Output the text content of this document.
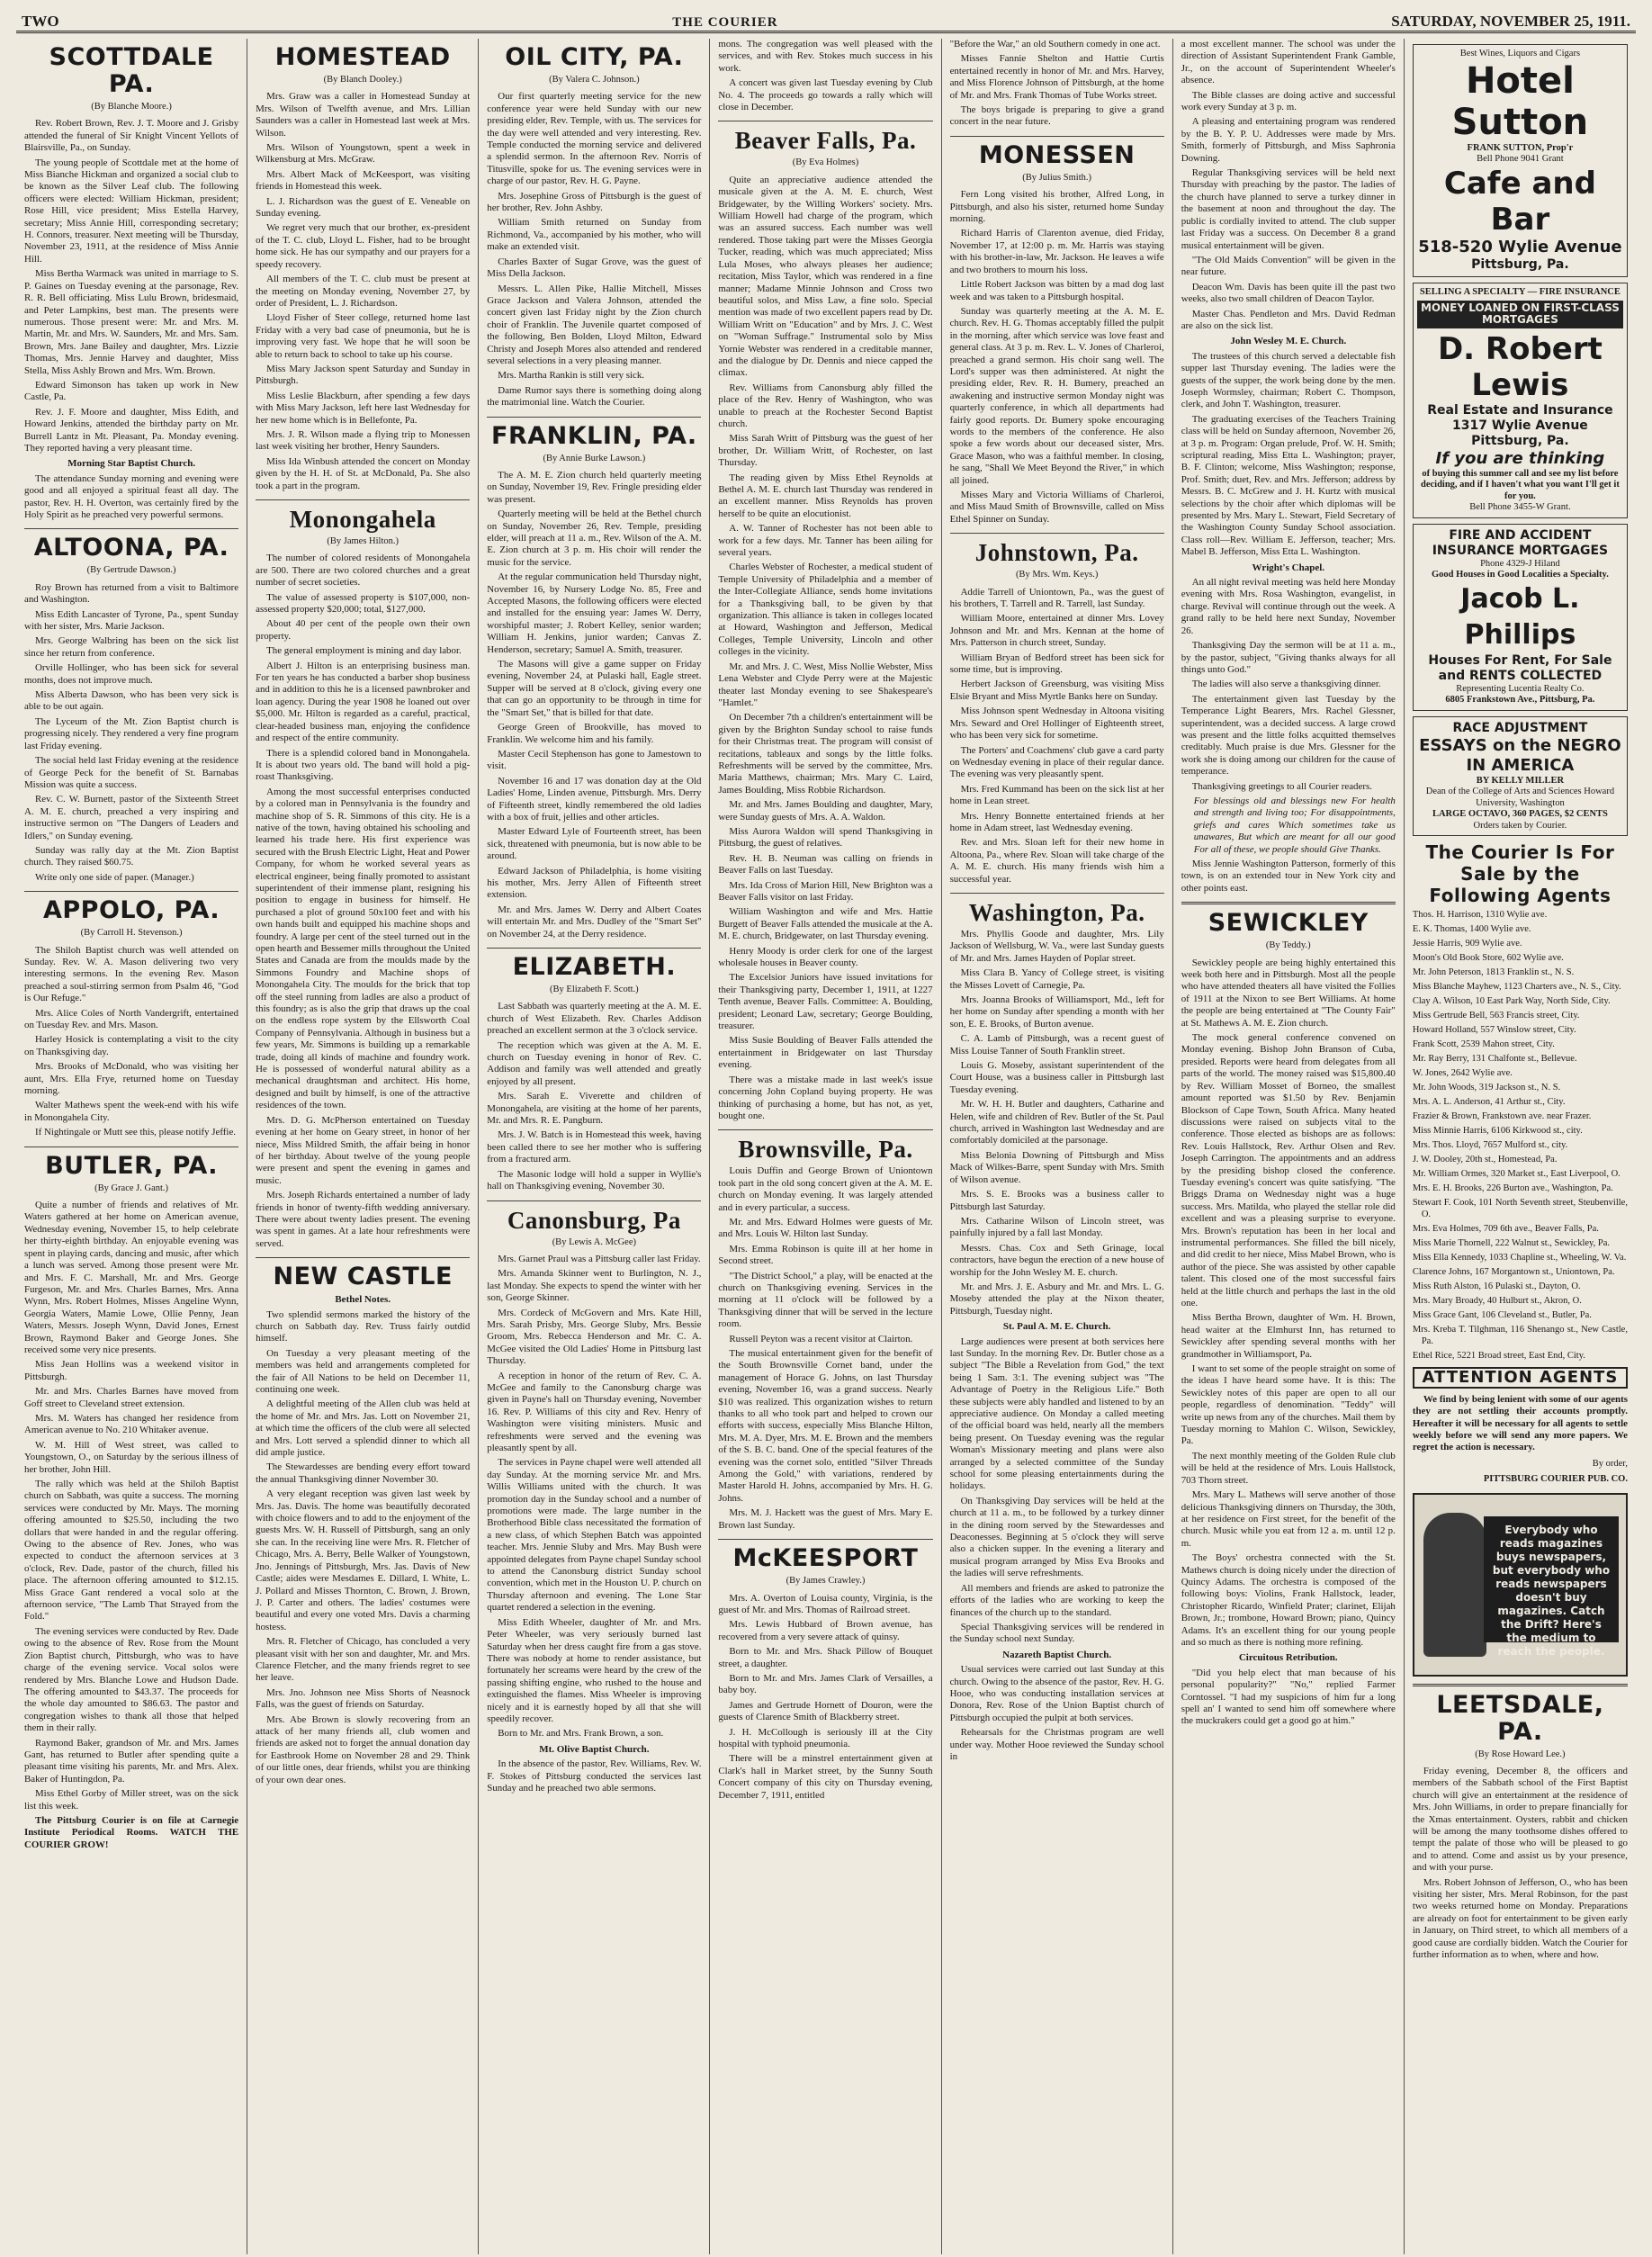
TWO	THE COURIER	SATURDAY, NOVEMBER 25, 1911.
SCOTTDALE PA.
(By Blanche Moore.)

Rev. Robert Brown, Rev. J. T. Moore and J. Grisby attended the funeral of Sir Knight Vincent Yellots of Blairsville, Pa., on Sunday.

The young people of Scottdale met at the home of Miss Bianche Hickman and organized a social club to be known as the Silver Leaf club. The following officers were elected: William Hickman, president; Rose Hill, vice president; Miss Estella Harvey, secretary; Miss Annie Hill, corresponding secretary; H. Connors, treasurer. Next meeting will be Thursday, November 23, 1911, at the residence of Miss Annie Hill.

Miss Bertha Warmack was united in marriage to S. P. Gaines on Tuesday evening at the parsonage, Rev. R. R. Bell officiating. Miss Lulu Brown, bridesmaid, and Peter Lampkins, best man. The presents were numerous. Those present were: Mr. and Mrs. M. Martin, Mr. and Mrs. W. Saunders, Mr. and Mrs. Sam. Brown, Mrs. Jane Bailey and daughter, Mrs. Lizzie Thomas, Mrs. Jennie Harvey and daughter, Miss Stella, Miss Ashly Brown and Mrs. Wm. Brown.

Edward Simonson has taken up work in New Castle, Pa.

Rev. J. F. Moore and daughter, Miss Edith, and Howard Jenkins, attended the birthday party on Mr. Burrell Lantz in Mt. Pleasant, Pa. Monday evening. They reported having a very pleasant time.

Morning Star Baptist Church.

The attendance Sunday morning and evening were good and all enjoyed a spiritual feast all day. The pastor, Rev. H. H. Overton, was certainly fired by the Holy Spirit as he preached very powerful sermons.

ALTOONA, PA.
(By Gertrude Dawson.)

Roy Brown has returned from a visit to Baltimore and Washington.

Miss Edith Lancaster of Tyrone, Pa., spent Sunday with her sister, Mrs. Marie Jackson.

Mrs. George Walbring has been on the sick list since her return from conference.

Orville Hollinger, who has been sick for several months, does not improve much.

Miss Alberta Dawson, who has been very sick is able to be out again.

The Lyceum of the Mt. Zion Baptist church is progressing nicely. They rendered a very fine program last Friday evening.

The social held last Friday evening at the residence of George Peck for the benefit of St. Barnabas Mission was quite a success.

Rev. C. W. Burnett, pastor of the Sixteenth Street A. M. E. church, preached a very inspiring and instructive sermon on "The Dangers of Leaders and Idlers," on Sunday evening.

Sunday was rally day at the Mt. Zion Baptist church. They raised $60.75.

Write only one side of paper. (Manager.)

APPOLO, PA.
(By Carroll H. Stevenson.)

The Shiloh Baptist church was well attended on Sunday. Rev. W. A. Mason delivering two very interesting sermons. In the evening Rev. Mason preached a soul-stirring sermon from Psalm 46, "God is Our Refuge."

Mrs. Alice Coles of North Vandergrift, entertained on Tuesday Rev. and Mrs. Mason.

Harley Hosick is contemplating a visit to the city on Thanksgiving day.

Mrs. Brooks of McDonald, who was visiting her aunt, Mrs. Ella Frye, returned home on Tuesday morning.

Walter Mathews spent the week-end with his wife in Monongahela City.

If Nightingale or Mutt see this, please notify Jeffie.

BUTLER, PA.
(By Grace J. Gant.)

Quite a number of friends and relatives of Mr. Waters gathered at her home on American avenue, Wednesday evening, November 15, to help celebrate her thirty-eighth birthday. An enjoyable evening was spent in playing cards, dancing and music, after which a lunch was served. Among those present were Mr. and Mrs. F. C. Marshall, Mr. and Mrs. George Furgeson, Mr. and Mrs. Charles Barnes, Mrs. Anna Wynn, Mrs. Robert Holmes, Misses Angeline Wynn, Georgia Waters, Mamie Lowe, Ollie Penny, Jean Waters, Messrs. Joseph Wynn, David Jones, Ernest Brown, Raymond Baker and George Jones. She received some very nice presents.

Miss Jean Hollins was a weekend visitor in Pittsburgh.

Mr. and Mrs. Charles Barnes have moved from Goff street to Cleveland street extension.

Mrs. M. Waters has changed her residence from American avenue to No. 210 Whitaker avenue.

W. M. Hill of West street, was called to Youngstown, O., on Saturday by the serious illness of her brother, John Hill.

The rally which was held at the Shiloh Baptist church on Sabbath, was quite a success. The morning services were conducted by Mr. Mays. The morning offering amounted to $25.50, including the two dollars that were handed in and the regular offering. Owing to the absence of Rev. Jones, who was expected to conduct the afternoon services at 3 o'clock, Rev. Dade, pastor of the church, filled his place. The afternoon offering amounted to $12.15. Miss Grace Gant rendered a vocal solo at the afternoon service, "The Lamb That Strayed from the Fold."

The evening services were conducted by Rev. Dade owing to the absence of Rev. Rose from the Mount Zion Baptist church, Pittsburgh, who was to have charge of the evening service. Vocal solos were rendered by Mrs. Blanche Lowe and Hudson Dade. The offering amounted to $43.37. The proceeds for the whole day amounted to $86.63. The pastor and congregation wishes to thank all those that helped them in their rally.

Raymond Baker, grandson of Mr. and Mrs. James Gant, has returned to Butler after spending quite a pleasant time visiting his parents, Mr. and Mrs. Alex. Baker of Huntingdon, Pa.

Miss Ethel Gorby of Miller street, was on the sick list this week.

The Pittsburg Courier is on file at Carnegie Institute Periodical Rooms. WATCH THE COURIER GROW!

HOMESTEAD
(By Blanch Dooley.)

Mrs. Graw was a caller in Homestead Sunday at Mrs. Wilson of Twelfth avenue, and Mrs. Lillian Saunders was a caller in Homestead last week at Mrs. Wilson.

Mrs. Wilson of Youngstown, spent a week in Wilkensburg at Mrs. McGraw.

Mrs. Albert Mack of McKeesport, was visiting friends in Homestead this week.

L. J. Richardson was the guest of E. Veneable on Sunday evening.

We regret very much that our brother, ex-president of the T. C. club, Lloyd L. Fisher, had to be brought home sick. He has our sympathy and our prayers for a speedy recovery.

All members of the T. C. club must be present at the meeting on Monday evening, November 27, by order of President, L. J. Richardson.

Lloyd Fisher of Steer college, returned home last Friday with a very bad case of pneumonia, but he is improving very fast. We hope that he will soon be able to return back to school to take up his course.

Miss Mary Jackson spent Saturday and Sunday in Pittsburgh.

Miss Leslie Blackburn, after spending a few days with Miss Mary Jackson, left here last Wednesday for her new home which is in Bellefonte, Pa.

Mrs. J. R. Wilson made a flying trip to Monessen last week visiting her brother, Henry Saunders.

Miss Ida Winbush attended the concert on Monday given by the H. H. of St. at McDonald, Pa. She also took a part in the program.

Monongahela
(By James Hilton.)

The number of colored residents of Monongahela are 500. There are two colored churches and a great number of secret societies.

The value of assessed property is $107,000, non-assessed property $20,000; total, $127,000.

About 40 per cent of the people own their own property.

The general employment is mining and day labor.

Albert J. Hilton is an enterprising business man. For ten years he has conducted a barber shop business and in addition to this he is a licensed pawnbroker and loan agency. During the year 1908 he loaned out over $5,000. Mr. Hilton is regarded as a careful, practical, clear-headed business man, enjoying the confidence and respect of the entire community.

There is a splendid colored band in Monongahela. It is about two years old. The band will hold a pig-roast Thanksgiving.

Among the most successful enterprises conducted by a colored man in Pennsylvania is the foundry and machine shop of S. R. Simmons of this city. He is a native of the town, having obtained his schooling and learned his trade here. His first experience was secured with the Brush Electric Light, Heat and Power Company, for whom he worked several years as electrical engineer, being finally promoted to assistant superintendent of their immense plant, resigning his position to engage in business for himself. He purchased a plot of ground 50x100 feet and with his own hands built and equipped his machine shops and foundry. A large per cent of the steel turned out in the open hearth and Bessemer mills throughout the United States and Canada are from the moulds made by the Simmons Foundry and Machine shops of Monongahela City. The moulds for the brick that top off the steel running from ladles are also a product of this foundry; as is also the grip that draws up the coal on the endless rope system by the Ellsworth Coal Company of Pennsylvania. Although in business but a few years, Mr. Simmons is building up a remarkable trade, doing all kinds of machine and foundry work. He is possessed of wonderful natural ability as a mechanical draughtsman and architect. His home, designed and built by himself, is one of the attractive residences of the town.

Mrs. D. G. McPherson entertained on Tuesday evening at her home on Geary street, in honor of her niece, Miss Mildred Smith, the affair being in honor of her birthday. About twelve of the young people were present and spent the evening in games and music.

Mrs. Joseph Richards entertained a number of lady friends in honor of twenty-fifth wedding anniversary. There were about twenty ladies present. The evening was spent in games. At a late hour refreshments were served.

NEW CASTLE
Bethel Notes.

Two splendid sermons marked the history of the church on Sabbath day. Rev. Truss fairly outdid himself.

On Tuesday a very pleasant meeting of the members was held and arrangements completed for the fair of All Nations to be held on December 11, continuing one week.

A delightful meeting of the Allen club was held at the home of Mr. and Mrs. Jas. Lott on November 21, at which time the officers of the club were all selected and Mrs. Lott served a splendid dinner to which all did ample justice.

The Stewardesses are bending every effort toward the annual Thanksgiving dinner November 30.

A very elegant reception was given last week by Mrs. Jas. Davis. The home was beautifully decorated with choice flowers and to add to the enjoyment of the guests Mrs. W. H. Russell of Pittsburgh, sang an only she can. In the receiving line were Mrs. R. Fletcher of Chicago, Mrs. A. Berry, Belle Walker of Youngstown, Jno. Jennings of Pittsburgh, Mrs. Jas. Davis of New Castle; aides were Mesdames E. Dillard, I. White, L. J. Pollard and Misses Thornton, C. Brown, J. Brown, J. P. Carter and others. The ladies' costumes were beautiful and every one voted Mrs. Davis a charming hostess.

Mrs. R. Fletcher of Chicago, has concluded a very pleasant visit with her son and daughter, Mr. and Mrs. Clarence Fletcher, and the many friends regret to see her leave.

Mrs. Jno. Johnson nee Miss Shorts of Neasnock Falls, was the guest of friends on Saturday.

Mrs. Abe Brown is slowly recovering from an attack of her many friends all, club women and friends are asked not to forget the annual donation day for Eastbrook Home on November 28 and 29. Think of our little ones, dear friends, whilst you are thinking of your own dear ones.

OIL CITY, PA.
(By Valera C. Johnson.)

Our first quarterly meeting service for the new conference year were held Sunday with our new presiding elder, Rev. Temple, with us. The services for the day were well attended and very interesting. Rev. Temple conducted the morning service and delivered a splendid sermon. In the afternoon Rev. Norris of Titusville, spoke for us. The evening services were in charge of our pastor, Rev. H. G. Payne.

Mrs. Josephine Gross of Pittsburgh is the guest of her brother, Rev. John Ashby.

William Smith returned on Sunday from Richmond, Va., accompanied by his mother, who will make an extended visit.

Charles Baxter of Sugar Grove, was the guest of Miss Della Jackson.

Messrs. L. Allen Pike, Hallie Mitchell, Misses Grace Jackson and Valera Johnson, attended the concert given last Friday night by the Zion church choir of Franklin. The Juvenile quartet composed of the following, Ben Bolden, Lloyd Milton, Edward Christy and Joseph Mores also attended and rendered several selections in a very pleasing manner.

Mrs. Martha Rankin is still very sick.

Dame Rumor says there is something doing along the matrimonial line. Watch the Courier.

FRANKLIN, PA.
(By Annie Burke Lawson.)

The A. M. E. Zion church held quarterly meeting on Sunday, November 19, Rev. Fringle presiding elder was present.

Quarterly meeting will be held at the Bethel church on Sunday, November 26, Rev. Temple, presiding elder, will preach at 11 a. m., Rev. Wilson of the A. M. E. Zion church at 3 p. m. His choir will render the music for the service.

At the regular communication held Thursday night, November 16, by Nursery Lodge No. 85, Free and Accepted Masons, the following officers were elected and installed for the ensuing year: James W. Derry, worshipful master; J. Robert Kelley, senior warden; William H. Jenkins, junior warden; Canvas Z. Henderson, secretary; Samuel A. Smith, treasurer.

The Masons will give a game supper on Friday evening, November 24, at Pulaski hall, Eagle street. Supper will be served at 8 o'clock, giving every one that can go an opportunity to be through in time for the "Smart Set," that is billed for that date.

George Green of Brookville, has moved to Franklin. We welcome him and his family.

Master Cecil Stephenson has gone to Jamestown to visit.

November 16 and 17 was donation day at the Old Ladies' Home, Linden avenue, Pittsburgh. Mrs. Derry of Fifteenth street, kindly remembered the old ladies with a box of fruit, jellies and other articles.

Master Edward Lyle of Fourteenth street, has been sick, threatened with pneumonia, but is now able to be around.

Edward Jackson of Philadelphia, is home visiting his mother, Mrs. Jerry Allen of Fifteenth street extension.

Mr. and Mrs. James W. Derry and Albert Coates will entertain Mr. and Mrs. Dudley of the "Smart Set" on November 24, at the Derry residence.

ELIZABETH.
(By Elizabeth F. Scott.)

Last Sabbath was quarterly meeting at the A. M. E. church of West Elizabeth. Rev. Charles Addison preached an excellent sermon at the 3 o'clock service.

The reception which was given at the A. M. E. church on Tuesday evening in honor of Rev. C. Addison and family was well attended and greatly enjoyed by all present.

Mrs. Sarah E. Viverette and children of Monongahela, are visiting at the home of her parents, Mr. and Mrs. R. E. Pangburn.

Mrs. J. W. Batch is in Homestead this week, having been called there to see her mother who is suffering from a fractured arm.

The Masonic lodge will hold a supper in Wyllie's hall on Thanksgiving evening, November 30.

Canonsburg, Pa
(By Lewis A. McGee)

Mrs. Garnet Praul was a Pittsburg caller last Friday.

Mrs. Amanda Skinner went to Burlington, N. J., last Monday. She expects to spend the winter with her son, George Skinner.

Mrs. Cordeck of McGovern and Mrs. Kate Hill, Mrs. Sarah Prisby, Mrs. George Sluby, Mrs. Bessie Groom, Mrs. Rebecca Henderson and Mr. C. A. McGee visited the Old Ladies' Home in Pittsburg last Thursday.

A reception in honor of the return of Rev. C. A. McGee and family to the Canonsburg charge was given in Payne's hall on Thursday evening, November 16. Rev. P. Williams of this city and Rev. Henry of Washington were visiting ministers. Music and refreshments were served and the evening was pleasantly spent by all.

The services in Payne chapel were well attended all day Sunday. At the morning service Mr. and Mrs. Willis Williams united with the church. It was promotion day in the Sunday school and a number of promotions were made. The large number in the Brotherhood Bible class necessitated the formation of a new class, of which Stephen Batch was appointed teacher. Mrs. Jennie Sluby and Mrs. May Bush were appointed delegates from Payne chapel Sunday school to attend the Canonsburg district Sunday school convention, which met in the Houston U. P. church on Thursday afternoon and evening. The Lone Star quartet rendered a selection in the evening.

Miss Edith Wheeler, daughter of Mr. and Mrs. Peter Wheeler, was very seriously burned last Saturday when her dress caught fire from a gas stove. There was nobody at home to render assistance, but fortunately her screams were heard by the crew of the passing shifting engine, who rushed to the house and extinguished the flames. Miss Wheeler is improving nicely and it is earnestly hoped by all that she will speedily recover.

Born to Mr. and Mrs. Frank Brown, a son.

Mt. Olive Baptist Church.

In the absence of the pastor, Rev. Williams, Rev. W. F. Stokes of Pittsburg conducted the services last Sunday and he preached two able sermons.

mons. The congregation was well pleased with the services, and with Rev. Stokes much success in his work.

A concert was given last Tuesday evening by Club No. 4. The proceeds go towards a rally which will close in December.

Beaver Falls, Pa.
(By Eva Holmes)

Quite an appreciative audience attended the musicale given at the A. M. E. church, West Bridgewater, by the Willing Workers' society. Mrs. William Howell had charge of the program, which was an assured success. Each number was well rendered. Those taking part were the Misses Georgia Tucker, reading, which was much appreciated; Miss Lula Moses, who always pleases her audience; recitation, Miss Taylor, which was rendered in a fine manner; Madame Minnie Johnson and Cross two beautiful solos, and Miss Law, a fine solo. Special mention was made of two excellent papers read by Dr. William Writt on "Education" and by Mrs. J. C. West on "Woman Suffrage." Instrumental solo by Miss Yornie Webster was rendered in a creditable manner, and the dialogue by Dr. Dennis and niece capped the climax.

Rev. Williams from Canonsburg ably filled the place of the Rev. Henry of Washington, who was unable to preach at the Rochester Second Baptist church.

Miss Sarah Writt of Pittsburg was the guest of her brother, Dr. William Writt, of Rochester, on last Thursday.

The reading given by Miss Ethel Reynolds at Bethel A. M. E. church last Thursday was rendered in an excellent manner. Miss Reynolds has proven herself to be quite an elocutionist.

A. W. Tanner of Rochester has not been able to work for a few days. Mr. Tanner has been ailing for several years.

Charles Webster of Rochester, a medical student of Temple University of Philadelphia and a member of the Inter-Collegiate Alliance, sends home invitations for a Thanksgiving ball, to be given by that organization. This alliance is taken in colleges located at Howard, Washington and Jefferson, Medical Colleges, Temple University, Lincoln and other colleges in the vicinity.

Mr. and Mrs. J. C. West, Miss Nollie Webster, Miss Lena Webster and Clyde Perry were at the Majestic theater last Monday evening to see Shakespeare's "Hamlet."

On December 7th a children's entertainment will be given by the Brighton Sunday school to raise funds for their Christmas treat. The program will consist of recitations, tableaux and songs by the little folks. Refreshments will be served by the committee, Mrs. Maria Matthews, chairman; Mrs. Mary C. Laird, James Boulding, Miss Robbie Richardson.

Mr. and Mrs. James Boulding and daughter, Mary, were Sunday guests of Mrs. A. A. Waldon.

Miss Aurora Waldon will spend Thanksgiving in Pittsburg, the guest of relatives.

Rev. H. B. Neuman was calling on friends in Beaver Falls on last Tuesday.

Mrs. Ida Cross of Marion Hill, New Brighton was a Beaver Falls visitor on last Friday.

William Washington and wife and Mrs. Hattie Burgett of Beaver Falls attended the musicale at the A. M. E. church, Bridgewater, on last Thursday evening.

Henry Moody is order clerk for one of the largest wholesale houses in Beaver county.

The Excelsior Juniors have issued invitations for their Thanksgiving party, December 1, 1911, at 1227 Tenth avenue, Beaver Falls. Committee: A. Boulding, president; Leonard Law, secretary; George Boulding, treasurer.

Miss Susie Boulding of Beaver Falls attended the entertainment in Bridgewater on last Thursday evening.

There was a mistake made in last week's issue concerning John Copland buying property. He was thinking of purchasing a home, but has not, as yet, bought one.

Brownsville, Pa.

Louis Duffin and George Brown of Uniontown took part in the old song concert given at the A. M. E. church on Monday evening. It was largely attended and in every particular, a success.

Mr. and Mrs. Edward Holmes were guests of Mr. and Mrs. Louis W. Hilton last Sunday.

Mrs. Emma Robinson is quite ill at her home in Second street.

"The District School," a play, will be enacted at the church on Thanksgiving evening. Services in the morning at 11 o'clock will be followed by a Thanksgiving dinner that will be served in the lecture room.

Russell Peyton was a recent visitor at Clairton.

The musical entertainment given for the benefit of the South Brownsville Cornet band, under the management of Horace G. Johns, on last Thursday evening, November 16, was a grand success. Nearly $10 was realized. This organization wishes to return thanks to all who took part and helped to crown our efforts with success, especially Miss Blanche Hilton, Mrs. M. A. Dyer, Mrs. M. E. Brown and the members of the S. B. C. band. One of the special features of the evening was the cornet solo, entitled "Silver Threads Among the Gold," with variations, rendered by Master Harold H. Johns, accompanied by Mrs. H. G. Johns.

Mrs. M. J. Hackett was the guest of Mrs. Mary E. Brown last Sunday.

McKEESPORT
(By James Crawley.)

Mrs. A. Overton of Louisa county, Virginia, is the guest of Mr. and Mrs. Thomas of Railroad street.

Mrs. Lewis Hubbard of Brown avenue, has recovered from a very severe attack of quinsy.

Born to Mr. and Mrs. Shack Pillow of Bouquet street, a daughter.

Born to Mr. and Mrs. James Clark of Versailles, a baby boy.

James and Gertrude Hornett of Douron, were the guests of Clarence Smith of Blackberry street.

J. H. McCollough is seriously ill at the City hospital with typhoid pneumonia.

There will be a minstrel entertainment given at Clark's hall in Market street, by the Sunny South Concert company of this city on Thursday evening, December 7, 1911, entitled

"Before the War," an old Southern comedy in one act.

Misses Fannie Shelton and Hattie Curtis entertained recently in honor of Mr. and Mrs. Harvey, and Miss Florence Johnson of Pittsburgh, at the home of Mr. and Mrs. Frank Thomas of Tube Works street.

The boys brigade is preparing to give a grand concert in the near future.

MONESSEN
(By Julius Smith.)

Fern Long visited his brother, Alfred Long, in Pittsburgh, and also his sister, returned home Sunday morning.

Richard Harris of Clarenton avenue, died Friday, November 17, at 12:00 p. m. Mr. Harris was staying with his brother-in-law, Mr. Jackson. He leaves a wife and two brothers to mourn his loss.

Little Robert Jackson was bitten by a mad dog last week and was taken to a Pittsburgh hospital.

Sunday was quarterly meeting at the A. M. E. church. Rev. H. G. Thomas acceptably filled the pulpit in the morning, after which service was love feast and general class. At 3 p. m. Rev. L. V. Jones of Charleroi, preached a grand sermon. His choir sang well. The Lord's supper was then administered. At night the presiding elder, Rev. R. H. Bumery, preached an awakening and instructive sermon Monday night was quarterly conference, in which all departments had fairly good reports. Dr. Bumery spoke encouraging words to the members of the conference. He also spoke a few words about our deceased sister, Mrs. Grace Mason, who was a faithful member. In closing, he sang, "Shall We Meet Beyond the River," in which all joined.

Misses Mary and Victoria Williams of Charleroi, and Miss Maud Smith of Brownsville, called on Miss Ethel Spinner on Sunday.

Johnstown, Pa.
(By Mrs. Wm. Keys.)

Addie Tarrell of Uniontown, Pa., was the guest of his brothers, T. Tarrell and R. Tarrell, last Sunday.

William Moore, entertained at dinner Mrs. Lovey Johnson and Mr. and Mrs. Kennan at the home of Mrs. Patterson in church street, Sunday.

William Bryan of Bedford street has been sick for some time, but is improving.

Herbert Jackson of Greensburg, was visiting Miss Elsie Bryant and Miss Myrtle Banks here on Sunday.

Miss Johnson spent Wednesday in Altoona visiting Mrs. Seward and Orel Hollinger of Eighteenth street, who has been very sick for sometime.

The Porters' and Coachmens' club gave a card party on Wednesday evening in place of their regular dance. The evening was very pleasantly spent.

Mrs. Fred Kummand has been on the sick list at her home in Lean street.

Mrs. Henry Bonnette entertained friends at her home in Adam street, last Wednesday evening.

Rev. and Mrs. Sloan left for their new home in Altoona, Pa., where Rev. Sloan will take charge of the A. M. E. church. His many friends wish him a successful year.

Washington, Pa.

Mrs. Phyllis Goode and daughter, Mrs. Lily Jackson of Wellsburg, W. Va., were last Sunday guests of Mr. and Mrs. James Hayden of Poplar street.

Miss Clara B. Yancy of College street, is visiting the Misses Lovett of Carnegie, Pa.

Mrs. Joanna Brooks of Williamsport, Md., left for her home on Sunday after spending a month with her son, E. E. Brooks, of Burton avenue.

C. A. Lamb of Pittsburgh, was a recent guest of Miss Louise Tanner of South Franklin street.

Louis G. Moseby, assistant superintendent of the Court House, was a business caller in Pittsburgh last Tuesday evening.

Mr. W. H. H. Butler and daughters, Catharine and Helen, wife and children of Rev. Butler of the St. Paul church, arrived in Washington last Wednesday and are comfortably domiciled at the parsonage.

Miss Belonia Downing of Pittsburgh and Miss Mack of Wilkes-Barre, spent Sunday with Mrs. Smith of Wilson avenue.

Mrs. S. E. Brooks was a business caller to Pittsburgh last Saturday.

Mrs. Catharine Wilson of Lincoln street, was painfully injured by a fall last Monday.

Messrs. Chas. Cox and Seth Grinage, local contractors, have begun the erection of a new house of worship for the John Wesley M. E. church.

Mr. and Mrs. J. E. Asbury and Mr. and Mrs. L. G. Moseby attended the play at the Nixon theater, Pittsburgh, Tuesday night.

St. Paul A. M. E. Church.

Large audiences were present at both services here last Sunday. In the morning Rev. Dr. Butler chose as a subject "The Bible a Revelation from God," the text being 1 Sam. 3:1. The evening subject was "The Advantage of Poetry in the Religious Life." Both these subjects were ably handled and listened to by an appreciative audience. On Monday a called meeting of the official board was held, nearly all the members being present. On Tuesday evening was the regular Woman's Missionary meeting and plans were also arranged by a selected committee of the Sunday school for some pleasing entertainments during the holidays.

On Thanksgiving Day services will be held at the church at 11 a. m., to be followed by a turkey dinner in the dining room served by the Stewardesses and Deaconesses. Beginning at 5 o'clock they will serve also a chicken supper. In the evening a literary and musical program arranged by Miss Eva Brooks and the ladies will serve refreshments.

All members and friends are asked to patronize the efforts of the ladies who are working to keep the finances of the church up to the standard.

Special Thanksgiving services will be rendered in the Sunday school next Sunday.

Nazareth Baptist Church.

Usual services were carried out last Sunday at this church. Owing to the absence of the pastor, Rev. H. G. Hooe, who was conducting installation services at Donora, Rev. Rose of the Union Baptist church of Pittsburgh occupied the pulpit at both services.

Rehearsals for the Christmas program are well under way. Mother Hooe reviewed the Sunday school in

a most excellent manner. The school was under the direction of Assistant Superintendent Frank Gamble, Jr., on the account of Superintendent Wheeler's absence.

The Bible classes are doing active and successful work every Sunday at 3 p. m.

A pleasing and entertaining program was rendered by the B. Y. P. U. Addresses were made by Mrs. Smith, formerly of Pittsburgh, and Miss Saphronia Downing.

Regular Thanksgiving services will be held next Thursday with preaching by the pastor. The ladies of the church have planned to serve a turkey dinner in the basement at noon and throughout the day. The public is cordially invited to attend. The club supper last Friday was a success. On December 8 a grand musical entertainment will be given.

"The Old Maids Convention" will be given in the near future.

Deacon Wm. Davis has been quite ill the past two weeks, also two small children of Deacon Taylor.

Master Chas. Pendleton and Mrs. David Redman are also on the sick list.

John Wesley M. E. Church.

The trustees of this church served a delectable fish supper last Thursday evening. The ladies were the guests of the supper, the work being done by the men. Joseph Wormsley, chairman; Robert C. Thompson, clerk, and John T. Washington, treasurer.

The graduating exercises of the Teachers Training class will be held on Sunday afternoon, November 26, at 3 p. m. Program: Organ prelude, Prof. W. H. Smith; scriptural reading, Miss Etta L. Washington; prayer, B. F. Clinton; welcome, Miss Washington; response, Prof. Smith; duet, Rev. and Mrs. Jefferson; address by Messrs. B. C. McGrew and J. H. Kurtz with musical selections by the choir after which diplomas will be presented by Mrs. Mary L. Stewart, Field Secretary of the Washington County Sunday School association. Class roll—Rev. William E. Jefferson, teacher; Mrs. Mabel B. Jefferson, Miss Etta L. Washington.

Wright's Chapel.

An all night revival meeting was held here Monday evening with Mrs. Rosa Washington, evangelist, in charge. Revival will continue through out the week. A grand rally to be held here next Sunday, November 26.

Thanksgiving Day the sermon will be at 11 a. m., by the pastor, subject, "Giving thanks always for all things unto God."

The ladies will also serve a thanksgiving dinner.

The entertainment given last Tuesday by the Temperance Light Bearers, Mrs. Rachel Glessner, superintendent, was a decided success. A large crowd was present and the little folks acquitted themselves creditably. Much praise is due Mrs. Glessner for the work she is doing among our children for the cause of temperance.

Thanksgiving greetings to all Courier readers.

For blessings old and blessings new For health and strength and living too; For disappointments, griefs and cares Which sometimes take us unawares, But which are meant for all our good For all of these, we people should Give Thanks.

Miss Jennie Washington Patterson, formerly of this town, is on an extended tour in New York city and other points east.

SEWICKLEY
(By Teddy.)

Sewickley people are being highly entertained this week both here and in Pittsburgh. Most all the people who have attended theaters all have visited the Follies of 1911 at the Nixon to see Bert Williams. At home the people are being entertained at "The County Fair" at St. Mathews A. M. E. Zion church.

The mock general conference convened on Monday evening. Bishop John Branson of Cuba, presided. Reports were heard from delegates from all parts of the world. The money raised was $15,800.40 by Rev. William Mosset of Borneo, the smallest amount reported was $1.50 by Rev. Benjamin Blockson of Cape Town, South Africa. Many heated discussions were raised on subjects vital to the conference. Those elected as bishops are as follows: Rev. Louis Hallstock, Rev. Arthur Olsen and Rev. Joseph Carrington. The appointments and an address by the presiding bishop closed the conference. Tuesday evening's concert was quite satisfying. "The Briggs Drama on Wednesday night was a huge success. Mrs. Matilda, who played the stellar role did excellent and was a pleasing surprise to everyone. Mrs. Brown's reputation has been in her local and instrumental performances. She filled the bill nicely, and did credit to her niece, Miss Mabel Brown, who is author of the piece. She was assisted by other capable talent. This closed one of the most successful fairs held at the little church and perhaps the last in the old one.

Miss Bertha Brown, daughter of Wm. H. Brown, head waiter at the Elmhurst Inn, has returned to Sewickley after spending several months with her grandmother in Williamsport, Pa.

I want to set some of the people straight on some of the ideas I have heard some have. It is this: The Sewickley notes of this paper are open to all our people, regardless of denomination. "Teddy" will write up news from any of the churches. Mail them by Tuesday morning to Mahlon C. Wilson, Sewickley, Pa.

The next monthly meeting of the Golden Rule club will be held at the residence of Mrs. Louis Hallstock, 703 Thorn street.

Mrs. Mary L. Mathews will serve another of those delicious Thanksgiving dinners on Thursday, the 30th, at her residence on First street, for the benefit of the church. Music while you eat from 12 a. m. until 12 p. m.

The Boys' orchestra connected with the St. Mathews church is doing nicely under the direction of Quincy Adams. The orchestra is composed of the following boys: Violins, Frank Hallstock, leader, Christopher Ricardo, Winfield Prater; clarinet, Elijah Brown, Jr.; trombone, Howard Brown; piano, Quincy Adams. It's an excellent thing for our young people and so much as there is nothing more refining.

Circuitous Retribution.

"Did you help elect that man because of his personal popularity?" "No," replied Farmer Corntossel. "I had my suspicions of him fur a long spell an' I wanted to send him off somewhere where the muckrakers could get a good go at him."

Best Wines, Liquors and Cigars
Hotel Sutton
FRANK SUTTON, Prop'r
Bell Phone 9041 Grant
Cafe and Bar
518-520 Wylie Avenue
Pittsburg, Pa.
SELLING A SPECIALTY — FIRE INSURANCE
MONEY LOANED ON FIRST-CLASS MORTGAGES
D. Robert Lewis
Real Estate and Insurance
1317 Wylie Avenue Pittsburg, Pa.
If you are thinking
of buying this summer call and see my list before deciding, and if I haven't what you want I'll get it for you.
Bell Phone 3455-W Grant.
FIRE AND ACCIDENT INSURANCE MORTGAGES
Phone 4329-J Hiland
Good Houses in Good Localities a Specialty.
Jacob L. Phillips
Houses For Rent, For Sale and RENTS COLLECTED
Representing Lucentia Realty Co.
6805 Frankstown Ave., Pittsburg, Pa.
RACE ADJUSTMENT
ESSAYS on the NEGRO IN AMERICA
BY KELLY MILLER
Dean of the College of Arts and Sciences Howard University, Washington
LARGE OCTAVO, 360 PAGES, $2 CENTS
Orders taken by Courier.
The Courier Is For Sale by the Following Agents
Thos. H. Harrison, 1310 Wylie ave.
E. K. Thomas, 1400 Wylie ave.
Jessie Harris, 909 Wylie ave.
Moon's Old Book Store, 602 Wylie ave.
Mr. John Peterson, 1813 Franklin st., N. S.
Miss Blanche Mayhew, 1123 Charters ave., N. S., City.
Clay A. Wilson, 10 East Park Way, North Side, City.
Miss Gertrude Bell, 563 Francis street, City.
Howard Holland, 557 Winslow street, City.
Frank Scott, 2539 Mahon street, City.
Mr. Ray Berry, 131 Chalfonte st., Bellevue.
W. Jones, 2642 Wylie ave.
Mr. John Woods, 319 Jackson st., N. S.
Mrs. A. L. Anderson, 41 Arthur st., City.
Frazier & Brown, Frankstown ave. near Frazer.
Miss Minnie Harris, 6106 Kirkwood st., city.
Mrs. Thos. Lloyd, 7657 Mulford st., city.
J. W. Dooley, 20th st., Homestead, Pa.
Mr. William Ormes, 320 Market st., East Liverpool, O.
Mrs. E. H. Brooks, 226 Burton ave., Washington, Pa.
Stewart F. Cook, 101 North Seventh street, Steubenville, O.
Mrs. Eva Holmes, 709 6th ave., Beaver Falls, Pa.
Miss Marie Thornell, 222 Walnut st., Sewickley, Pa.
Miss Ella Kennedy, 1033 Chapline st., Wheeling, W. Va.
Clarence Johns, 167 Morgantown st., Uniontown, Pa.
Miss Ruth Alston, 16 Pulaski st., Dayton, O.
Mrs. Mary Broady, 40 Hulburt st., Akron, O.
Miss Grace Gant, 106 Cleveland st., Butler, Pa.
Mrs. Kreba T. Tilghman, 116 Shenango st., New Castle, Pa.
Ethel Rice, 5221 Broad street, East End, City.
ATTENTION AGENTS

We find by being lenient with some of our agents they are not settling their accounts promptly. Hereafter it will be necessary for all agents to settle weekly before we will send any more papers. We regret the action is necessary.

By order,
PITTSBURG COURIER PUB. CO.
Everybody who reads magazines buys newspapers, but everybody who reads newspapers doesn't buy magazines. Catch the Drift? Here's the medium to reach the people.
LEETSDALE, PA.
(By Rose Howard Lee.)

Friday evening, December 8, the officers and members of the Sabbath school of the First Baptist church will give an entertainment at the residence of Mrs. John Williams, in order to prepare financially for the Xmas entertainment. Oysters, rabbit and chicken will be among the many toothsome dishes offered to tempt the palate of those who will be pleased to go and to attend. Come and assist us by your presence, and with your purse.

Mrs. Robert Johnson of Jefferson, O., who has been visiting her sister, Mrs. Meral Robinson, for the past two weeks returned home on Monday. Preparations are already on foot for entertainment to be given early in January, on Third street, to which all members of a good cause are cordially bidden. Watch the Courier for further information as to when, where and how.
